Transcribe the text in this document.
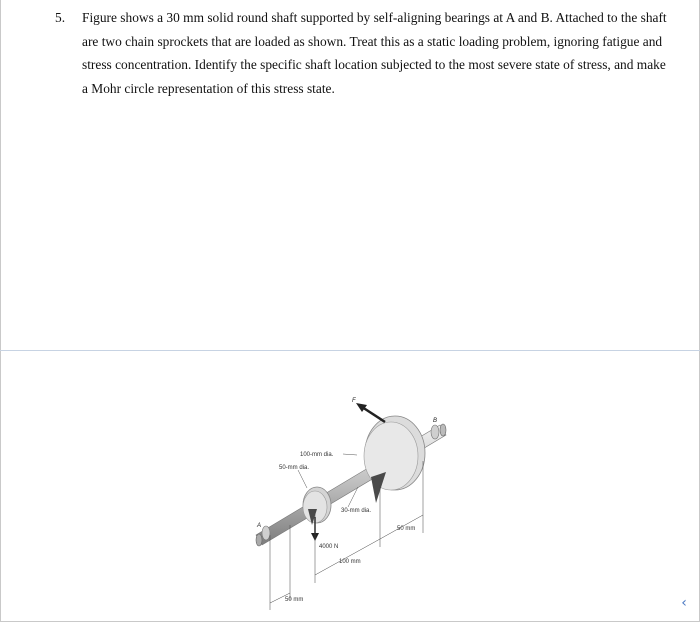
5. Figure shows a 30 mm solid round shaft supported by self-aligning bearings at A and B. Attached to the shaft are two chain sprockets that are loaded as shown. Treat this as a static loading problem, ignoring fatigue and stress concentration. Identify the specific shaft location subjected to the most severe state of stress, and make a Mohr circle representation of this stress state.
F
B
A
100-mm dia.
50-mm dia.
30-mm dia.
4000 N
50 mm
100 mm
50 mm	‹
